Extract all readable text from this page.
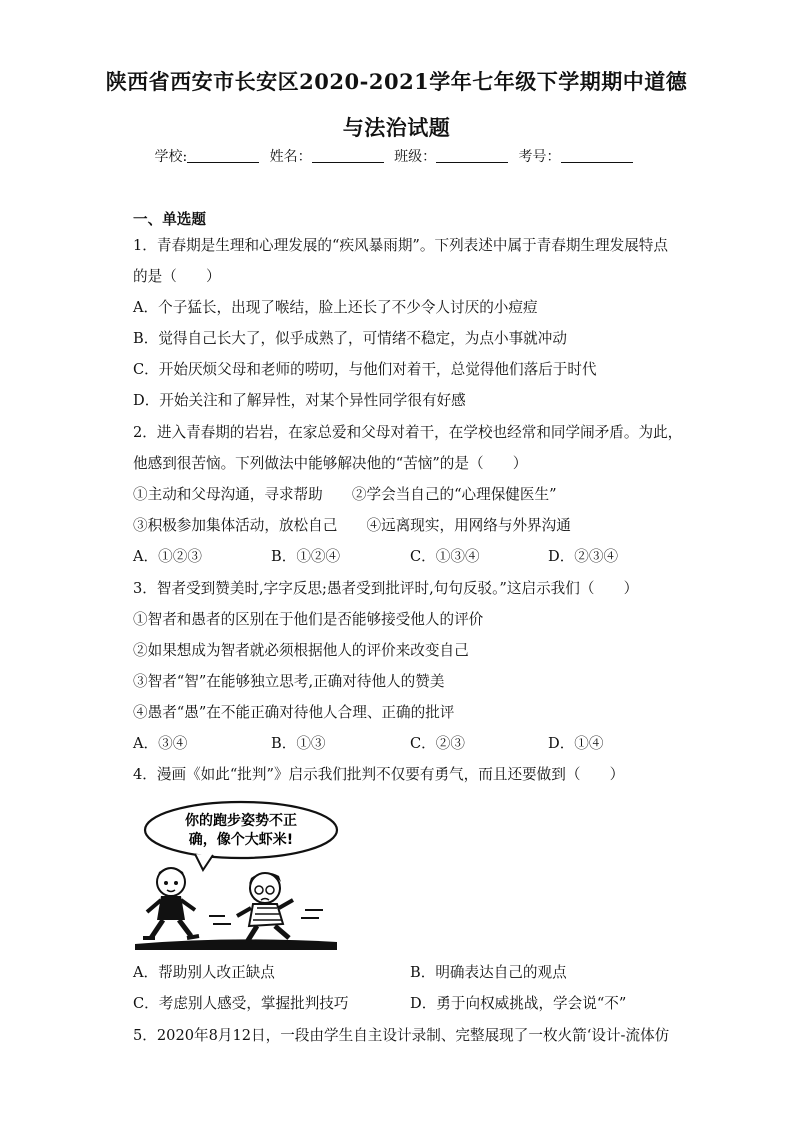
陕西省西安市长安区2020-2021学年七年级下学期期中道德
与法治试题
学校:	姓名：	班级：	考号：
一、单选题
1．青春期是生理和心理发展的“疾风暴雨期”。下列表述中属于青春期生理发展特点
的是（　　）
A．个子猛长，出现了喉结，脸上还长了不少令人讨厌的小痘痘
B．觉得自己长大了，似乎成熟了，可情绪不稳定，为点小事就冲动
C．开始厌烦父母和老师的唠叨，与他们对着干，总觉得他们落后于时代
D．开始关注和了解异性，对某个异性同学很有好感
2．进入青春期的岩岩，在家总爱和父母对着干，在学校也经常和同学闹矛盾。为此，
他感到很苦恼。下列做法中能够解决他的“苦恼”的是（　　）
①主动和父母沟通，寻求帮助　　②学会当自己的“心理保健医生”
③积极参加集体活动，放松自己　　④远离现实，用网络与外界沟通
A．①②③	B．①②④	C．①③④	D．②③④
3．智者受到赞美时,字字反思;愚者受到批评时,句句反驳。”这启示我们（　　）
①智者和愚者的区别在于他们是否能够接受他人的评价
②如果想成为智者就必须根据他人的评价来改变自己
③智者“智”在能够独立思考,正确对待他人的赞美
④愚者“愚”在不能正确对待他人合理、正确的批评
A．③④	B．①③	C．②③	D．①④
4．漫画《如此“批判”》启示我们批判不仅要有勇气，而且还要做到（　　）
你的跑步姿势不正
确，像个大虾米!
A．帮助别人改正缺点	B．明确表达自己的观点
C．考虑别人感受，掌握批判技巧	D．勇于向权威挑战，学会说“不”
5．2020年8月12日，一段由学生自主设计录制、完整展现了一枚火箭‘设计-流体仿
